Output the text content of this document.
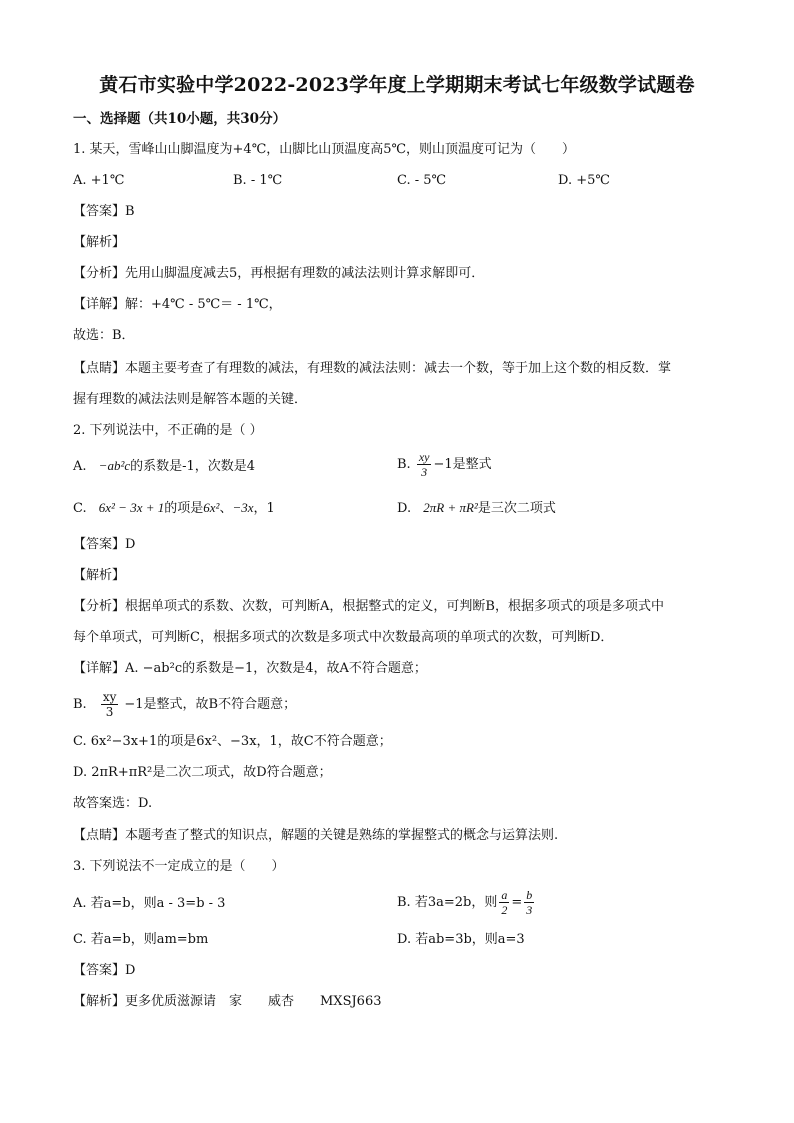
黄石市实验中学2022-2023学年度上学期期末考试七年级数学试题卷
一、选择题（共10小题，共30分）
1. 某天，雪峰山山脚温度为+4℃，山脚比山顶温度高5℃，则山顶温度可记为（　　）
A. +1℃	B. - 1℃	C. - 5℃	D. +5℃
【答案】B
【解析】
【分析】先用山脚温度减去5，再根据有理数的减法法则计算求解即可．
【详解】解：+4℃ - 5℃＝ - 1℃，
故选：B．
【点睛】本题主要考查了有理数的减法，有理数的减法法则：减去一个数，等于加上这个数的相反数．掌
握有理数的减法法则是解答本题的关键．
2. 下列说法中，不正确的是（ ）
A. −ab²c的系数是-1，次数是4	B. $\frac{xy}{3} -1$是整式
C. 6x² − 3x + 1的项是6x²、−3x，1	D. 2πR + πR²是三次二项式
【答案】D
【解析】
【分析】根据单项式的系数、次数，可判断A，根据整式的定义，可判断B，根据多项式的项是多项式中
每个单项式，可判断C，根据多项式的次数是多项式中次数最高项的单项式的次数，可判断D．
【详解】A. −ab²c的系数是−1，次数是4，故A不符合题意；
B. $\frac{xy}{3} -1$是整式，故B不符合题意；
C. 6x²−3x+1的项是6x²、−3x，1，故C不符合题意；
D. 2πR+πR²是二次二项式，故D符合题意；
故答案选：D.
【点睛】本题考查了整式的知识点，解题的关键是熟练的掌握整式的概念与运算法则.
3. 下列说法不一定成立的是（　　）
A. 若a=b，则a - 3=b - 3	B. 若3a=2b，则 $\frac{a}{2} = \frac{b}{3}$
C. 若a=b，则am=bm	D. 若ab=3b，则a=3
【答案】D
【解析】更多优质滋源请　家　　威杏　　MXSJ663
